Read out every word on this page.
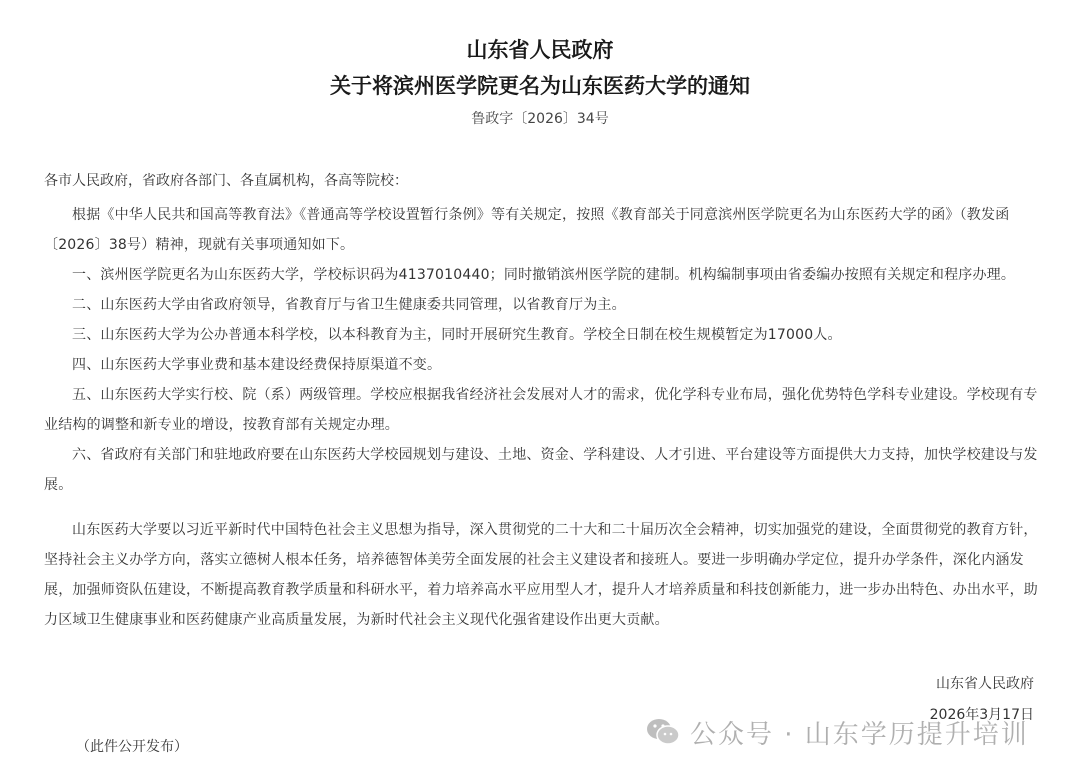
山东省人民政府
关于将滨州医学院更名为山东医药大学的通知
鲁政字〔2026〕34号
各市人民政府，省政府各部门、各直属机构，各高等院校：

根据《中华人民共和国高等教育法》《普通高等学校设置暂行条例》等有关规定，按照《教育部关于同意滨州医学院更名为山东医药大学的函》（教发函〔2026〕38号）精神，现就有关事项通知如下。

一、滨州医学院更名为山东医药大学，学校标识码为4137010440；同时撤销滨州医学院的建制。机构编制事项由省委编办按照有关规定和程序办理。

二、山东医药大学由省政府领导，省教育厅与省卫生健康委共同管理，以省教育厅为主。

三、山东医药大学为公办普通本科学校，以本科教育为主，同时开展研究生教育。学校全日制在校生规模暂定为17000人。

四、山东医药大学事业费和基本建设经费保持原渠道不变。

五、山东医药大学实行校、院（系）两级管理。学校应根据我省经济社会发展对人才的需求，优化学科专业布局，强化优势特色学科专业建设。学校现有专业结构的调整和新专业的增设，按教育部有关规定办理。

六、省政府有关部门和驻地政府要在山东医药大学校园规划与建设、土地、资金、学科建设、人才引进、平台建设等方面提供大力支持，加快学校建设与发展。

山东医药大学要以习近平新时代中国特色社会主义思想为指导，深入贯彻党的二十大和二十届历次全会精神，切实加强党的建设，全面贯彻党的教育方针，坚持社会主义办学方向，落实立德树人根本任务，培养德智体美劳全面发展的社会主义建设者和接班人。要进一步明确办学定位，提升办学条件，深化内涵发展，加强师资队伍建设，不断提高教育教学质量和科研水平，着力培养高水平应用型人才，提升人才培养质量和科技创新能力，进一步办出特色、办出水平，助力区域卫生健康事业和医药健康产业高质量发展，为新时代社会主义现代化强省建设作出更大贡献。

山东省人民政府
2026年3月17日
（此件公开发布）	公众号 · 山东学历提升培训
